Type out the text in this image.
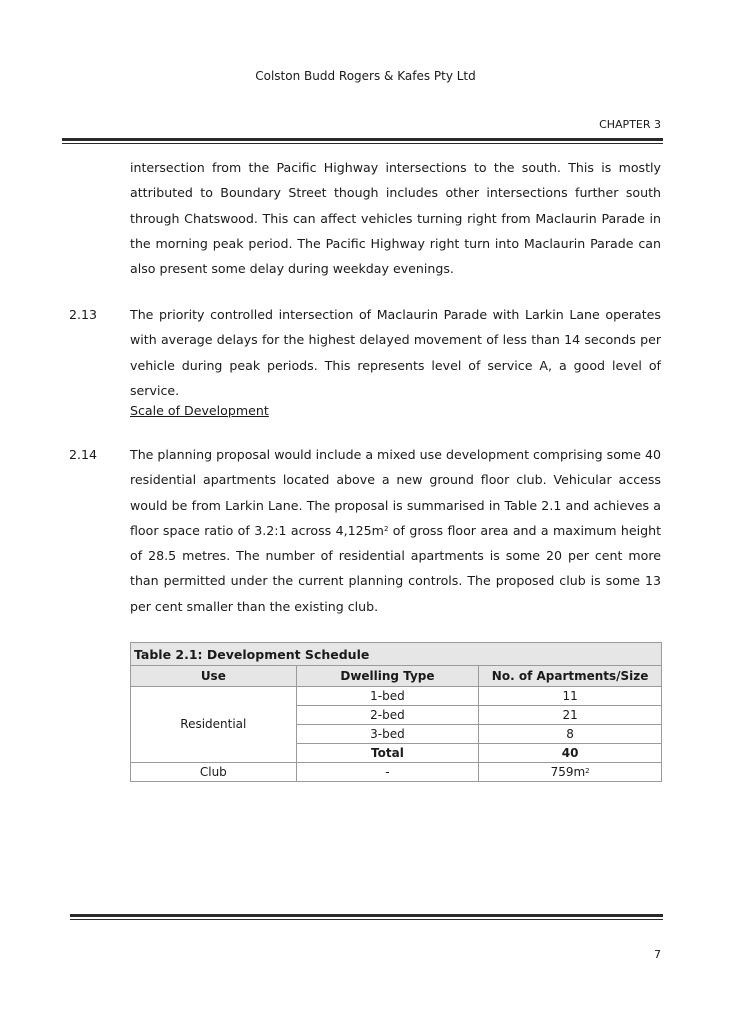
Colston Budd Rogers & Kafes Pty Ltd
CHAPTER 3
intersection from the Pacific Highway intersections to the south. This is mostly attributed to Boundary Street though includes other intersections further south through Chatswood. This can affect vehicles turning right from Maclaurin Parade in the morning peak period. The Pacific Highway right turn into Maclaurin Parade can also present some delay during weekday evenings.
2.13	The priority controlled intersection of Maclaurin Parade with Larkin Lane operates with average delays for the highest delayed movement of less than 14 seconds per vehicle during peak periods. This represents level of service A, a good level of service.
Scale of Development
2.14	The planning proposal would include a mixed use development comprising some 40 residential apartments located above a new ground floor club. Vehicular access would be from Larkin Lane. The proposal is summarised in Table 2.1 and achieves a floor space ratio of 3.2:1 across $4,125m^2$ of gross floor area and a maximum height of 28.5 metres. The number of residential apartments is some 20 per cent more than permitted under the current planning controls. The proposed club is some 13 per cent smaller than the existing club.
Table 2.1: Development Schedule		
Use	Dwelling Type	No. of Apartments/Size
Residential	1-bed	11
	2-bed	21
	3-bed	8
	Total	40
Club	-	$759m^2$
7
